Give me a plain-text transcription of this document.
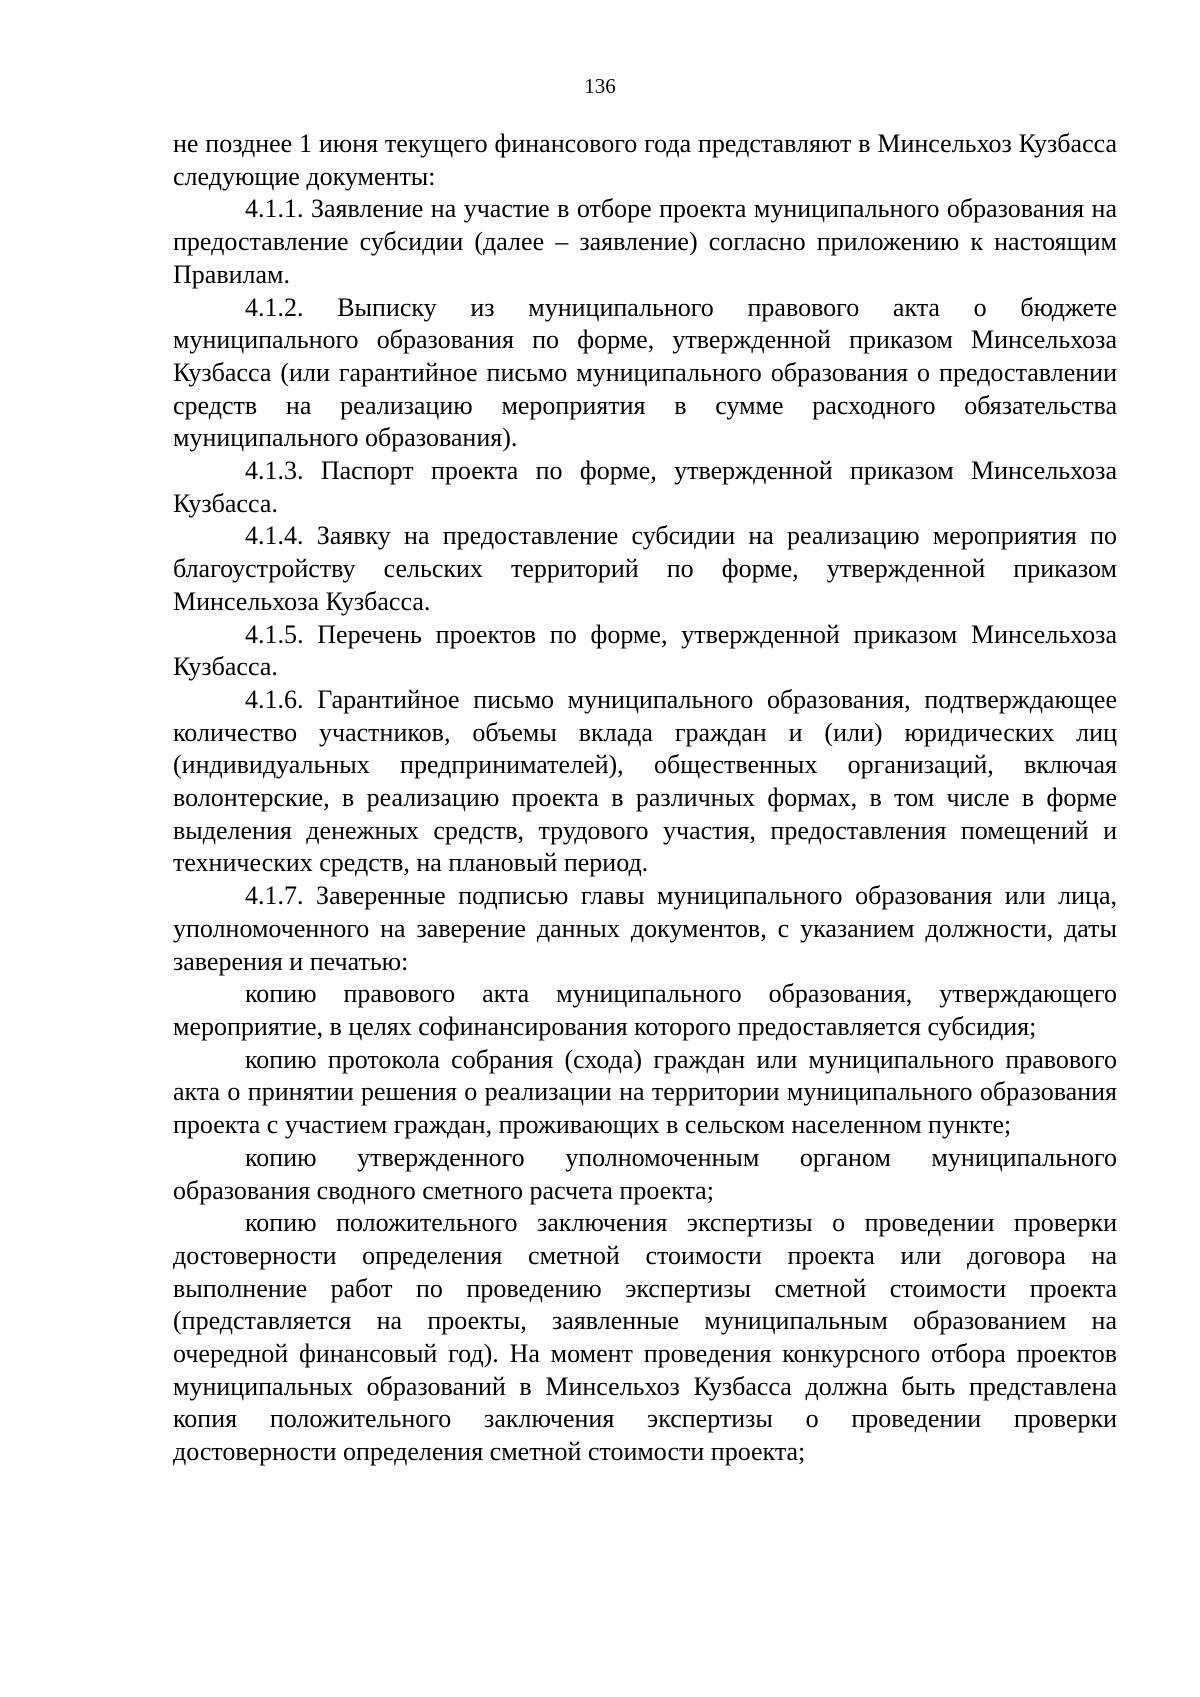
136

не позднее 1 июня текущего финансового года представляют в Минсельхоз Кузбасса следующие документы:

4.1.1. Заявление на участие в отборе проекта муниципального образования на предоставление субсидии (далее – заявление) согласно приложению к настоящим Правилам.

4.1.2. Выписку из муниципального правового акта о бюджете муниципального образования по форме, утвержденной приказом Минсельхоза Кузбасса (или гарантийное письмо муниципального образования о предоставлении средств на реализацию мероприятия в сумме расходного обязательства муниципального образования).

4.1.3. Паспорт проекта по форме, утвержденной приказом Минсельхоза Кузбасса.

4.1.4. Заявку на предоставление субсидии на реализацию мероприятия по благоустройству сельских территорий по форме, утвержденной приказом Минсельхоза Кузбасса.

4.1.5. Перечень проектов по форме, утвержденной приказом Минсельхоза Кузбасса.

4.1.6. Гарантийное письмо муниципального образования, подтверждающее количество участников, объемы вклада граждан и (или) юридических лиц (индивидуальных предпринимателей), общественных организаций, включая волонтерские, в реализацию проекта в различных формах, в том числе в форме выделения денежных средств, трудового участия, предоставления помещений и технических средств, на плановый период.

4.1.7. Заверенные подписью главы муниципального образования или лица, уполномоченного на заверение данных документов, с указанием должности, даты заверения и печатью:

копию правового акта муниципального образования, утверждающего мероприятие, в целях софинансирования которого предоставляется субсидия;

копию протокола собрания (схода) граждан или муниципального правового акта о принятии решения о реализации на территории муниципального образования проекта с участием граждан, проживающих в сельском населенном пункте;

копию утвержденного уполномоченным органом муниципального образования сводного сметного расчета проекта;

копию положительного заключения экспертизы о проведении проверки достоверности определения сметной стоимости проекта или договора на выполнение работ по проведению экспертизы сметной стоимости проекта (представляется на проекты, заявленные муниципальным образованием на очередной финансовый год). На момент проведения конкурсного отбора проектов муниципальных образований в Минсельхоз Кузбасса должна быть представлена копия положительного заключения экспертизы о проведении проверки достоверности определения сметной стоимости проекта;
